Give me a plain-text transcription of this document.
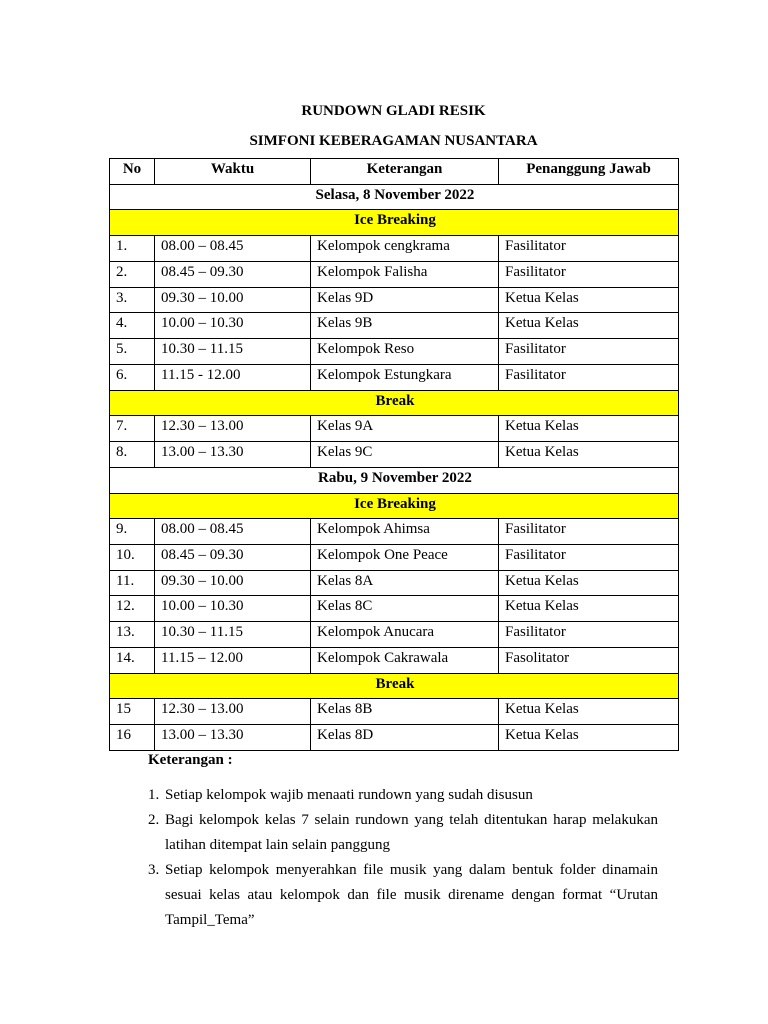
RUNDOWN GLADI RESIK
SIMFONI KEBERAGAMAN NUSANTARA
No	Waktu	Keterangan	Penanggung Jawab
Selasa, 8 November 2022			
Ice Breaking			
1.	08.00 – 08.45	Kelompok cengkrama	Fasilitator
2.	08.45 – 09.30	Kelompok Falisha	Fasilitator
3.	09.30 – 10.00	Kelas 9D	Ketua Kelas
4.	10.00 – 10.30	Kelas 9B	Ketua Kelas
5.	10.30 – 11.15	Kelompok Reso	Fasilitator
6.	11.15 - 12.00	Kelompok Estungkara	Fasilitator
Break			
7.	12.30 – 13.00	Kelas 9A	Ketua Kelas
8.	13.00 – 13.30	Kelas 9C	Ketua Kelas
Rabu, 9 November 2022			
Ice Breaking			
9.	08.00 – 08.45	Kelompok Ahimsa	Fasilitator
10.	08.45 – 09.30	Kelompok One Peace	Fasilitator
11.	09.30 – 10.00	Kelas 8A	Ketua Kelas
12.	10.00 – 10.30	Kelas 8C	Ketua Kelas
13.	10.30 – 11.15	Kelompok Anucara	Fasilitator
14.	11.15 – 12.00	Kelompok Cakrawala	Fasolitator
Break			
15	12.30 – 13.00	Kelas 8B	Ketua Kelas
16	13.00 – 13.30	Kelas 8D	Ketua Kelas
Keterangan :
1. Setiap kelompok wajib menaati rundown yang sudah disusun
2. Bagi kelompok kelas 7 selain rundown yang telah ditentukan harap melakukan latihan ditempat lain selain panggung
3. Setiap kelompok menyerahkan file musik yang dalam bentuk folder dinamain sesuai kelas atau kelompok dan file musik direname dengan format “Urutan Tampil_Tema”
